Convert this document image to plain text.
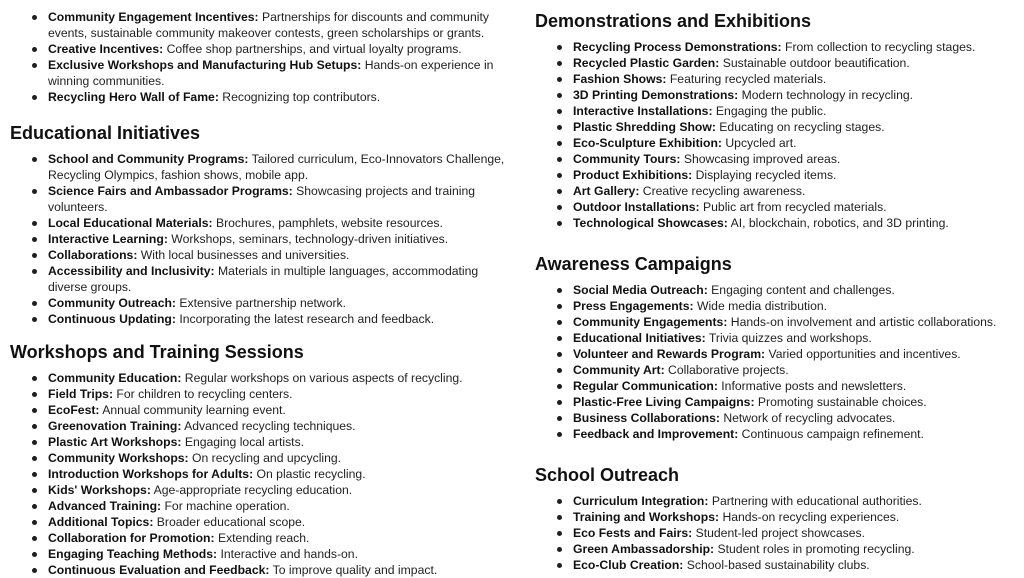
Community Engagement Incentives: Partnerships for discounts and community events, sustainable community makeover contests, green scholarships or grants.
Creative Incentives: Coffee shop partnerships, and virtual loyalty programs.
Exclusive Workshops and Manufacturing Hub Setups: Hands-on experience in winning communities.
Recycling Hero Wall of Fame: Recognizing top contributors.
Educational Initiatives
School and Community Programs: Tailored curriculum, Eco-Innovators Challenge, Recycling Olympics, fashion shows, mobile app.
Science Fairs and Ambassador Programs: Showcasing projects and training volunteers.
Local Educational Materials: Brochures, pamphlets, website resources.
Interactive Learning: Workshops, seminars, technology-driven initiatives.
Collaborations: With local businesses and universities.
Accessibility and Inclusivity: Materials in multiple languages, accommodating diverse groups.
Community Outreach: Extensive partnership network.
Continuous Updating: Incorporating the latest research and feedback.
Workshops and Training Sessions
Community Education: Regular workshops on various aspects of recycling.
Field Trips: For children to recycling centers.
EcoFest: Annual community learning event.
Greenovation Training: Advanced recycling techniques.
Plastic Art Workshops: Engaging local artists.
Community Workshops: On recycling and upcycling.
Introduction Workshops for Adults: On plastic recycling.
Kids' Workshops: Age-appropriate recycling education.
Advanced Training: For machine operation.
Additional Topics: Broader educational scope.
Collaboration for Promotion: Extending reach.
Engaging Teaching Methods: Interactive and hands-on.
Continuous Evaluation and Feedback: To improve quality and impact.
Demonstrations and Exhibitions
Recycling Process Demonstrations: From collection to recycling stages.
Recycled Plastic Garden: Sustainable outdoor beautification.
Fashion Shows: Featuring recycled materials.
3D Printing Demonstrations: Modern technology in recycling.
Interactive Installations: Engaging the public.
Plastic Shredding Show: Educating on recycling stages.
Eco-Sculpture Exhibition: Upcycled art.
Community Tours: Showcasing improved areas.
Product Exhibitions: Displaying recycled items.
Art Gallery: Creative recycling awareness.
Outdoor Installations: Public art from recycled materials.
Technological Showcases: AI, blockchain, robotics, and 3D printing.
Awareness Campaigns
Social Media Outreach: Engaging content and challenges.
Press Engagements: Wide media distribution.
Community Engagements: Hands-on involvement and artistic collaborations.
Educational Initiatives: Trivia quizzes and workshops.
Volunteer and Rewards Program: Varied opportunities and incentives.
Community Art: Collaborative projects.
Regular Communication: Informative posts and newsletters.
Plastic-Free Living Campaigns: Promoting sustainable choices.
Business Collaborations: Network of recycling advocates.
Feedback and Improvement: Continuous campaign refinement.
School Outreach
Curriculum Integration: Partnering with educational authorities.
Training and Workshops: Hands-on recycling experiences.
Eco Fests and Fairs: Student-led project showcases.
Green Ambassadorship: Student roles in promoting recycling.
Eco-Club Creation: School-based sustainability clubs.
